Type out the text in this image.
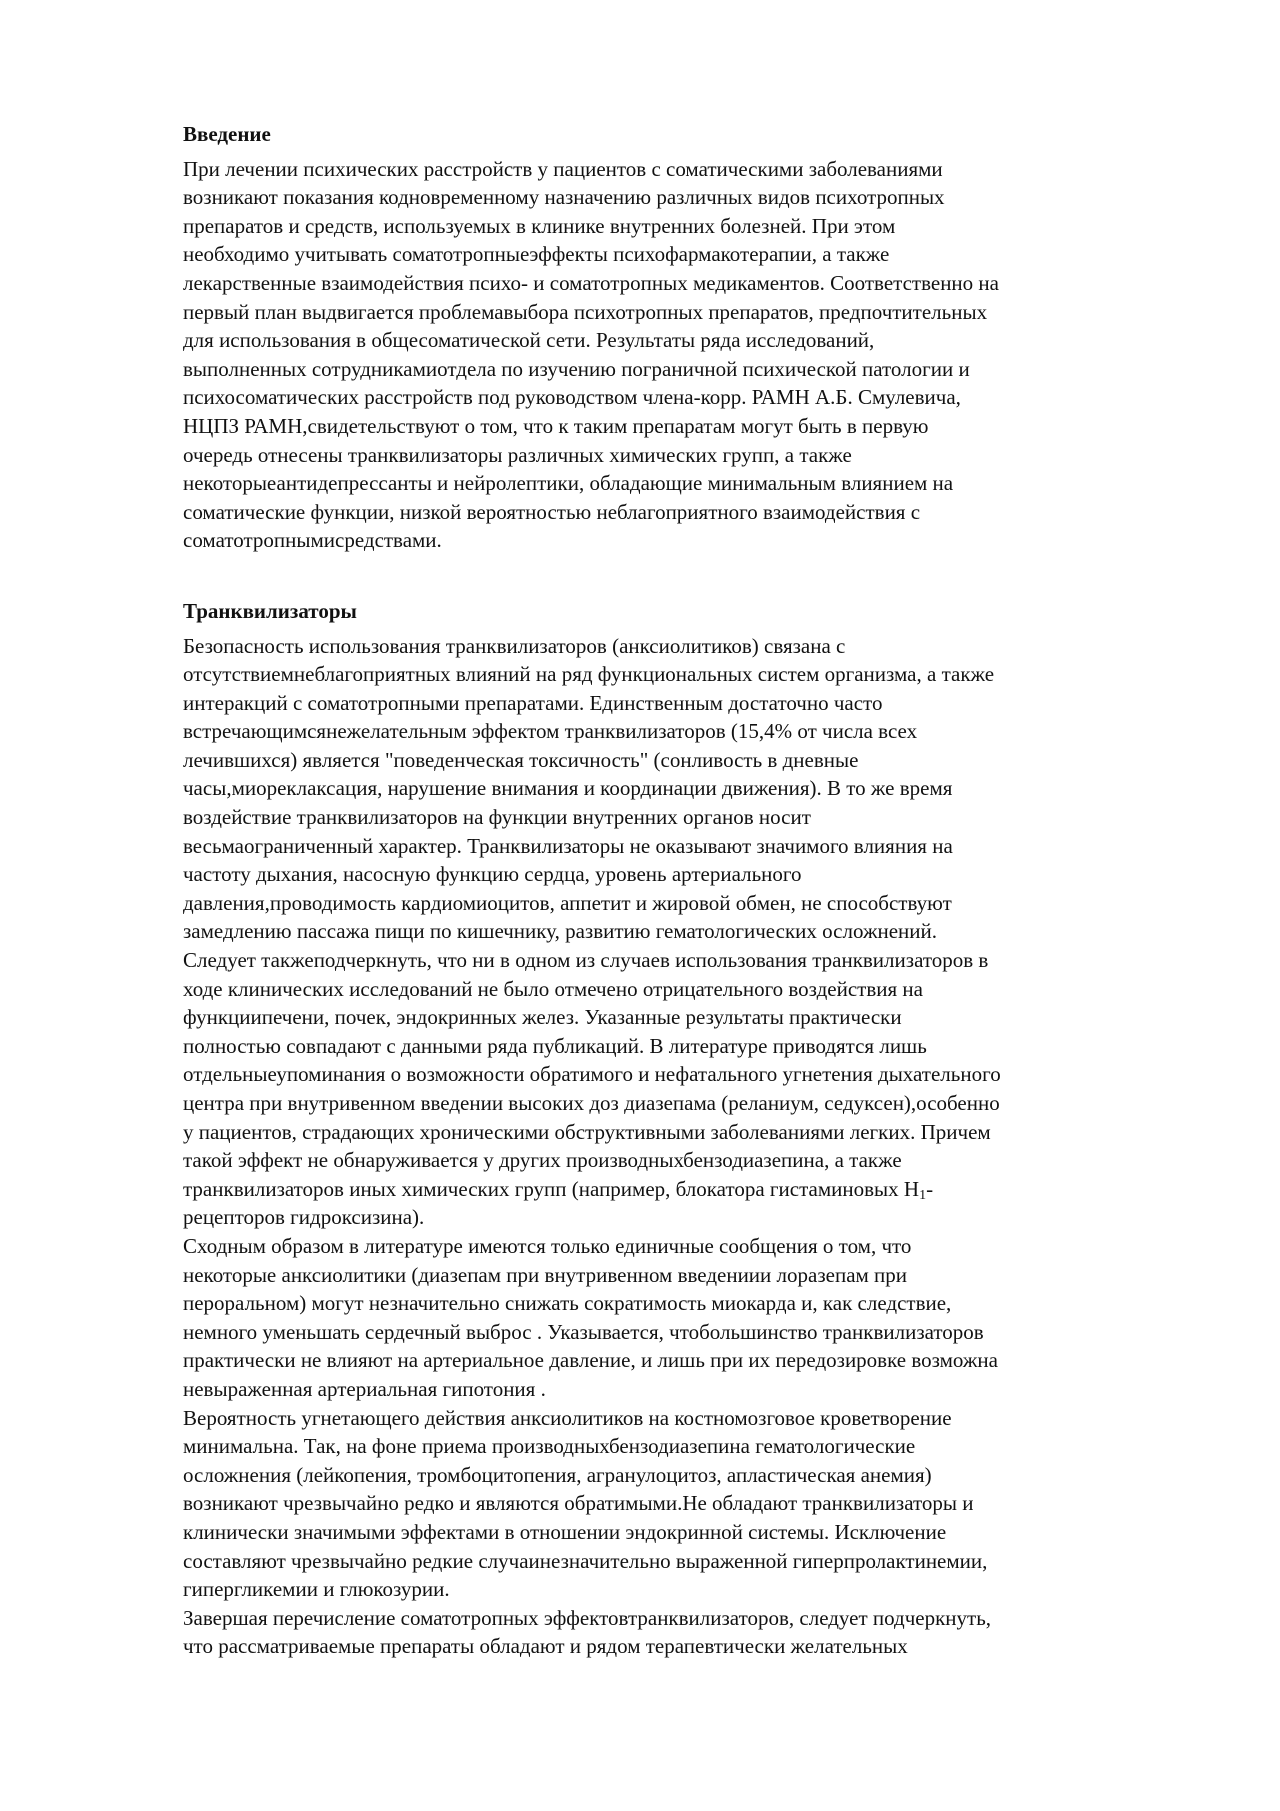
Введение
При лечении психических расстройств у пациентов с соматическими заболеваниями
возникают показания кодновременному назначению различных видов психотропных
препаратов и средств, используемых в клинике внутренних болезней. При этом
необходимо учитывать соматотропныеэффекты психофармакотерапии, а также
лекарственные взаимодействия психо- и соматотропных медикаментов. Соответственно на
первый план выдвигается проблемавыбора психотропных препаратов, предпочтительных
для использования в общесоматической сети. Результаты ряда исследований,
выполненных сотрудникамиотдела по изучению пограничной психической патологии и
психосоматических расстройств под руководством члена-корр. РАМН А.Б. Смулевича,
НЦПЗ РАМН,свидетельствуют о том, что к таким препаратам могут быть в первую
очередь отнесены транквилизаторы различных химических групп, а также
некоторыеантидепрессанты и нейролептики, обладающие минимальным влиянием на
соматические функции, низкой вероятностью неблагоприятного взаимодействия с
соматотропнымисредствами.
Транквилизаторы
Безопасность использования транквилизаторов (анксиолитиков) связана с
отсутствиемнеблагоприятных влияний на ряд функциональных систем организма, а также
интеракций с соматотропными препаратами. Единственным достаточно часто
встречающимсянежелательным эффектом транквилизаторов (15,4% от числа всех
лечившихся) является "поведенческая токсичность" (сонливость в дневные
часы,миореклаксация, нарушение внимания и координации движения). В то же время
воздействие транквилизаторов на функции внутренних органов носит
весьмаограниченный характер. Транквилизаторы не оказывают значимого влияния на
частоту дыхания, насосную функцию сердца, уровень артериального
давления,проводимость кардиомиоцитов, аппетит и жировой обмен, не способствуют
замедлению пассажа пищи по кишечнику, развитию гематологических осложнений.
Следует такжеподчеркнуть, что ни в одном из случаев использования транквилизаторов в
ходе клинических исследований не было отмечено отрицательного воздействия на
функциипечени, почек, эндокринных желез. Указанные результаты практически
полностью совпадают с данными ряда публикаций. В литературе приводятся лишь
отдельныеупоминания о возможности обратимого и нефатального угнетения дыхательного
центра при внутривенном введении высоких доз диазепама (реланиум, седуксен),особенно
у пациентов, страдающих хроническими обструктивными заболеваниями легких. Причем
такой эффект не обнаруживается у других производныхбензодиазепина, а также
транквилизаторов иных химических групп (например, блокатора гистаминовых $Н_1-$
рецепторов гидроксизина).
Сходным образом в литературе имеются только единичные сообщения о том, что
некоторые анксиолитики (диазепам при внутривенном введениии лоразепам при
пероральном) могут незначительно снижать сократимость миокарда и, как следствие,
немного уменьшать сердечный выброс . Указывается, чтобольшинство транквилизаторов
практически не влияют на артериальное давление, и лишь при их передозировке возможна
невыраженная артериальная гипотония .
Вероятность угнетающего действия анксиолитиков на костномозговое кроветворение
минимальна. Так, на фоне приема производныхбензодиазепина гематологические
осложнения (лейкопения, тромбоцитопения, агранулоцитоз, апластическая анемия)
возникают чрезвычайно редко и являются обратимыми.Не обладают транквилизаторы и
клинически значимыми эффектами в отношении эндокринной системы. Исключение
составляют чрезвычайно редкие случаинезначительно выраженной гиперпролактинемии,
гипергликемии и глюкозурии.
Завершая перечисление соматотропных эффектовтранквилизаторов, следует подчеркнуть,
что рассматриваемые препараты обладают и рядом терапевтически желательных
